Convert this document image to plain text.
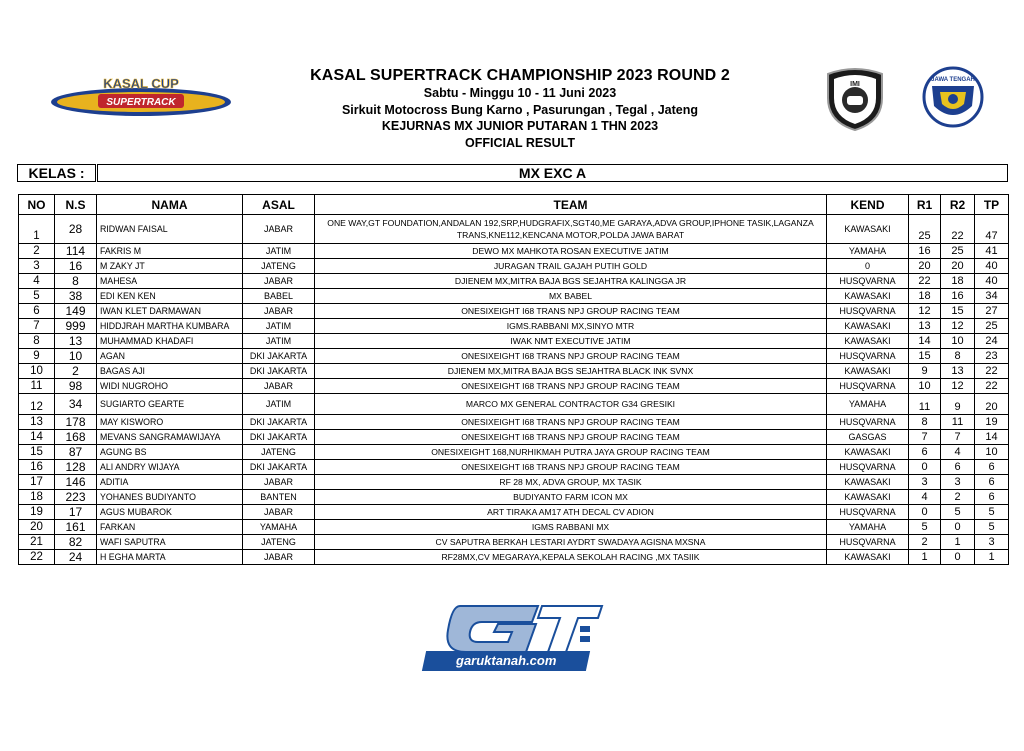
KASAL CUP
SUPERTRACK
KASAL SUPERTRACK CHAMPIONSHIP 2023 ROUND 2
Sabtu - Minggu 10 - 11 Juni 2023
Sirkuit Motocross Bung Karno , Pasurungan , Tegal , Jateng
KEJURNAS MX JUNIOR PUTARAN 1 THN 2023
OFFICIAL RESULT
IMI
JAWA TENGAH
KELAS :	MX EXC A
NO	N.S	NAMA	ASAL	TEAM	KEND	R1	R2	TP
1	28	RIDWAN FAISAL	JABAR	ONE WAY,GT FOUNDATION,ANDALAN 192,SRP,HUDGRAFIX,SGT40,ME GARAYA,ADVA GROUP,IPHONE TASIK,LAGANZA TRANS,KNE112,KENCANA MOTOR,POLDA JAWA BARAT	KAWASAKI	25	22	47
2	114	FAKRIS M	JATIM	DEWO MX MAHKOTA ROSAN EXECUTIVE JATIM	YAMAHA	16	25	41
3	16	M ZAKY JT	JATENG	JURAGAN TRAIL GAJAH PUTIH GOLD	0	20	20	40
4	8	MAHESA	JABAR	DJIENEM MX,MITRA BAJA BGS SEJAHTRA KALINGGA JR	HUSQVARNA	22	18	40
5	38	EDI KEN KEN	BABEL	MX BABEL	KAWASAKI	18	16	34
6	149	IWAN KLET DARMAWAN	JABAR	ONESIXEIGHT I68 TRANS NPJ GROUP RACING TEAM	HUSQVARNA	12	15	27
7	999	HIDDJRAH MARTHA KUMBARA	JATIM	IGMS.RABBANI MX,SINYO MTR	KAWASAKI	13	12	25
8	13	MUHAMMAD KHADAFI	JATIM	IWAK NMT EXECUTIVE JATIM	KAWASAKI	14	10	24
9	10	AGAN	DKI JAKARTA	ONESIXEIGHT I68 TRANS NPJ GROUP RACING TEAM	HUSQVARNA	15	8	23
10	2	BAGAS AJI	DKI JAKARTA	DJIENEM MX,MITRA BAJA BGS SEJAHTRA BLACK INK SVNX	KAWASAKI	9	13	22
11	98	WIDI NUGROHO	JABAR	ONESIXEIGHT I68 TRANS NPJ GROUP RACING TEAM	HUSQVARNA	10	12	22
12	34	SUGIARTO GEARTE	JATIM	MARCO MX GENERAL CONTRACTOR G34 GRESIKI	YAMAHA	11	9	20
13	178	MAY KISWORO	DKI JAKARTA	ONESIXEIGHT I68 TRANS NPJ GROUP RACING TEAM	HUSQVARNA	8	11	19
14	168	MEVANS SANGRAMAWIJAYA	DKI JAKARTA	ONESIXEIGHT I68 TRANS NPJ GROUP RACING TEAM	GASGAS	7	7	14
15	87	AGUNG BS	JATENG	ONESIXEIGHT 168,NURHIKMAH PUTRA JAYA GROUP RACING TEAM	KAWASAKI	6	4	10
16	128	ALI ANDRY WIJAYA	DKI JAKARTA	ONESIXEIGHT I68 TRANS NPJ GROUP RACING TEAM	HUSQVARNA	0	6	6
17	146	ADITIA	JABAR	RF 28 MX, ADVA GROUP, MX TASIK	KAWASAKI	3	3	6
18	223	YOHANES BUDIYANTO	BANTEN	BUDIYANTO FARM ICON MX	KAWASAKI	4	2	6
19	17	AGUS MUBAROK	JABAR	ART TIRAKA AM17 ATH DECAL CV ADION	HUSQVARNA	0	5	5
20	161	FARKAN	YAMAHA	IGMS RABBANI MX	YAMAHA	5	0	5
21	82	WAFI SAPUTRA	JATENG	CV SAPUTRA BERKAH LESTARI AYDRT SWADAYA AGISNA MXSNA	HUSQVARNA	2	1	3
22	24	H EGHA MARTA	JABAR	RF28MX,CV MEGARAYA,KEPALA SEKOLAH RACING ,MX TASIIK	KAWASAKI	1	0	1
garuktanah.com
